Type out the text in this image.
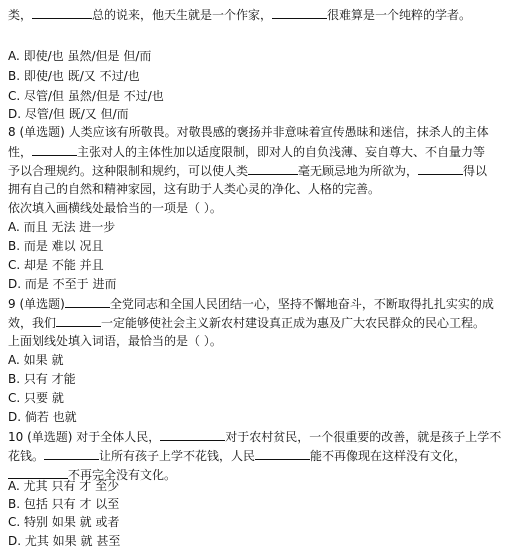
类，	总的说来，他天生就是一个作家，	很难算是一个纯粹的学者。
A. 即使/也 虽然/但是 但/而
B. 即使/也 既/又 不过/也
C. 尽管/但 虽然/但是 不过/也
D. 尽管/但 既/又 但/而
8 (单选题) 人类应该有所敬畏。对敬畏感的褒扬并非意味着宣传愚昧和迷信，抹杀人的主体
性，	主张对人的主体性加以适度限制，即对人的自负浅薄、妄自尊大、不自量力等
予以合理规约。这种限制和规约，可以使人类	毫无顾忌地为所欲为，	得以
拥有自己的自然和精神家园，这有助于人类心灵的净化、人格的完善。
依次填入画横线处最恰当的一项是（ ）。
A. 而且 无法 进一步
B. 而是 难以 况且
C. 却是 不能 并且
D. 而是 不至于 进而
9 (单选题)	全党同志和全国人民团结一心，坚持不懈地奋斗，不断取得扎扎实实的成
效，我们	一定能够使社会主义新农村建设真正成为惠及广大农民群众的民心工程。
上面划线处填入词语，最恰当的是（ ）。
A. 如果 就
B. 只有 才能
C. 只要 就
D. 倘若 也就
10 (单选题) 对于全体人民，	对于农村贫民，一个很重要的改善，就是孩子上学不
花钱。	让所有孩子上学不花钱，人民	能不再像现在这样没有文化，
不再完全没有文化。
A. 尤其 只有 才 至少
B. 包括 只有 才 以至
C. 特别 如果 就 或者
D. 尤其 如果 就 甚至
